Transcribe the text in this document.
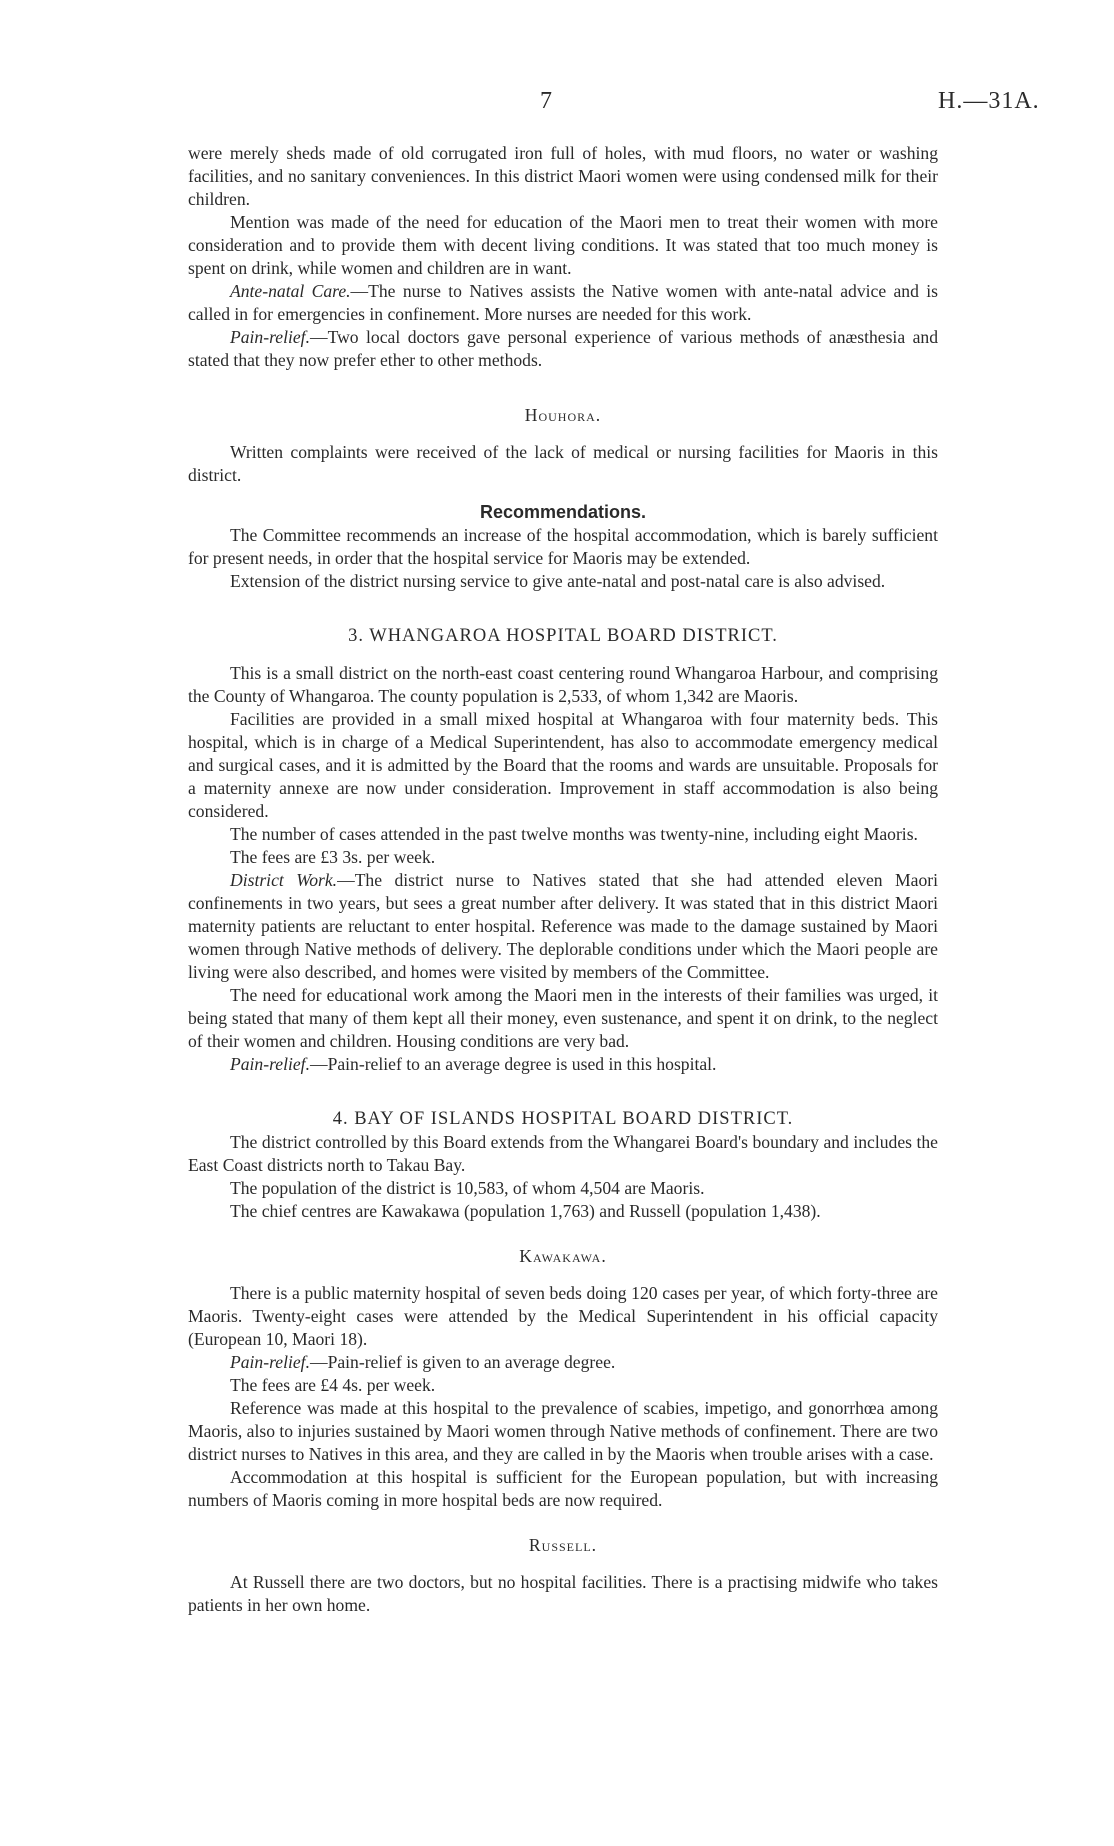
7	H.—31A.

were merely sheds made of old corrugated iron full of holes, with mud floors, no water or washing facilities, and no sanitary conveniences. In this district Maori women were using condensed milk for their children.

Mention was made of the need for education of the Maori men to treat their women with more consideration and to provide them with decent living conditions. It was stated that too much money is spent on drink, while women and children are in want.

Ante-natal Care.—The nurse to Natives assists the Native women with ante-natal advice and is called in for emergencies in confinement. More nurses are needed for this work.

Pain-relief.—Two local doctors gave personal experience of various methods of anæsthesia and stated that they now prefer ether to other methods.

Houhora.

Written complaints were received of the lack of medical or nursing facilities for Maoris in this district.

Recommendations.

The Committee recommends an increase of the hospital accommodation, which is barely sufficient for present needs, in order that the hospital service for Maoris may be extended.

Extension of the district nursing service to give ante-natal and post-natal care is also advised.

3. WHANGAROA HOSPITAL BOARD DISTRICT.

This is a small district on the north-east coast centering round Whangaroa Harbour, and comprising the County of Whangaroa. The county population is 2,533, of whom 1,342 are Maoris.

Facilities are provided in a small mixed hospital at Whangaroa with four maternity beds. This hospital, which is in charge of a Medical Superintendent, has also to accommodate emergency medical and surgical cases, and it is admitted by the Board that the rooms and wards are unsuitable. Proposals for a maternity annexe are now under consideration. Improvement in staff accommodation is also being considered.

The number of cases attended in the past twelve months was twenty-nine, including eight Maoris.

The fees are £3 3s. per week.

District Work.—The district nurse to Natives stated that she had attended eleven Maori confinements in two years, but sees a great number after delivery. It was stated that in this district Maori maternity patients are reluctant to enter hospital. Reference was made to the damage sustained by Maori women through Native methods of delivery. The deplorable conditions under which the Maori people are living were also described, and homes were visited by members of the Committee.

The need for educational work among the Maori men in the interests of their families was urged, it being stated that many of them kept all their money, even sustenance, and spent it on drink, to the neglect of their women and children. Housing conditions are very bad.

Pain-relief.—Pain-relief to an average degree is used in this hospital.

4. BAY OF ISLANDS HOSPITAL BOARD DISTRICT.

The district controlled by this Board extends from the Whangarei Board's boundary and includes the East Coast districts north to Takau Bay.

The population of the district is 10,583, of whom 4,504 are Maoris.

The chief centres are Kawakawa (population 1,763) and Russell (population 1,438).

Kawakawa.

There is a public maternity hospital of seven beds doing 120 cases per year, of which forty-three are Maoris. Twenty-eight cases were attended by the Medical Superintendent in his official capacity (European 10, Maori 18).

Pain-relief.—Pain-relief is given to an average degree.

The fees are £4 4s. per week.

Reference was made at this hospital to the prevalence of scabies, impetigo, and gonorrhœa among Maoris, also to injuries sustained by Maori women through Native methods of confinement. There are two district nurses to Natives in this area, and they are called in by the Maoris when trouble arises with a case.

Accommodation at this hospital is sufficient for the European population, but with increasing numbers of Maoris coming in more hospital beds are now required.

Russell.

At Russell there are two doctors, but no hospital facilities. There is a practising midwife who takes patients in her own home.
